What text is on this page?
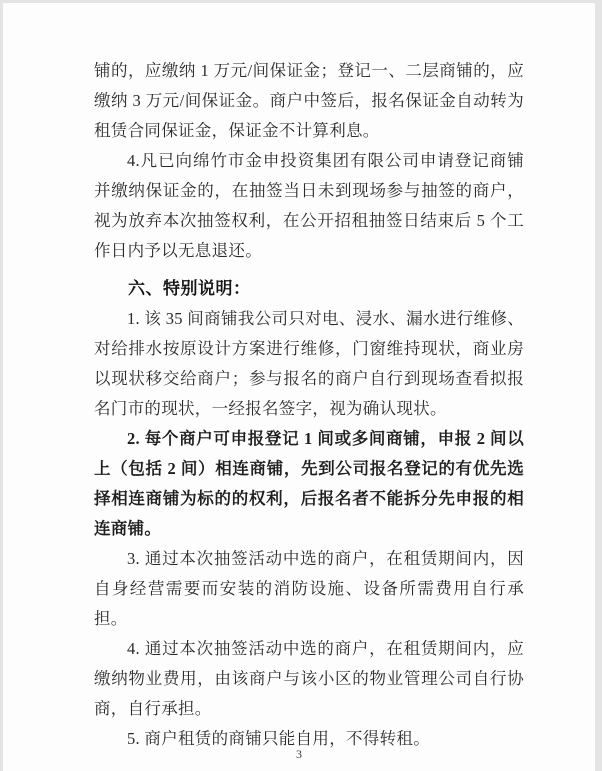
铺的，应缴纳 1 万元/间保证金；登记一、二层商铺的，应缴纳 3 万元/间保证金。商户中签后，报名保证金自动转为租赁合同保证金，保证金不计算利息。

4.凡已向绵竹市金申投资集团有限公司申请登记商铺并缴纳保证金的，在抽签当日未到现场参与抽签的商户，视为放弃本次抽签权利，在公开招租抽签日结束后 5 个工作日内予以无息退还。

六、特别说明：

1. 该 35 间商铺我公司只对电、浸水、漏水进行维修、对给排水按原设计方案进行维修，门窗维持现状，商业房以现状移交给商户；参与报名的商户自行到现场查看拟报名门市的现状，一经报名签字，视为确认现状。

2. 每个商户可申报登记 1 间或多间商铺，申报 2 间以上（包括 2 间）相连商铺，先到公司报名登记的有优先选择相连商铺为标的的权利，后报名者不能拆分先申报的相连商铺。

3. 通过本次抽签活动中选的商户，在租赁期间内，因自身经营需要而安装的消防设施、设备所需费用自行承担。

4. 通过本次抽签活动中选的商户，在租赁期间内，应缴纳物业费用，由该商户与该小区的物业管理公司自行协商，自行承担。

5. 商户租赁的商铺只能自用，不得转租。

3
